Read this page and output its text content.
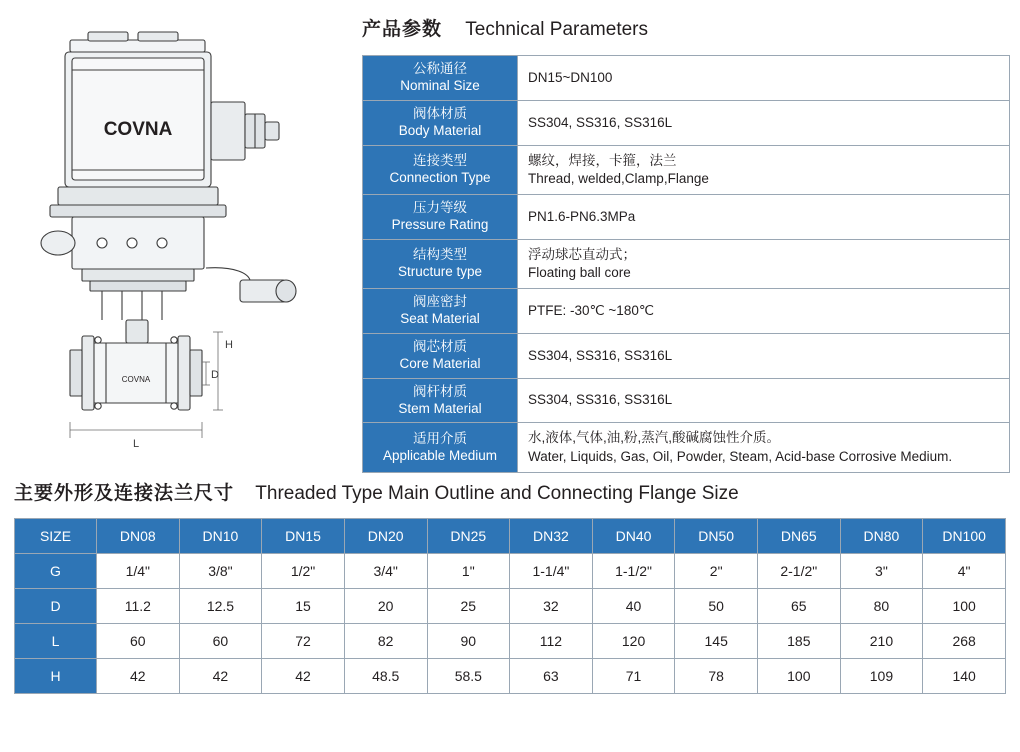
COVNA
COVNA
H
D
L
产品参数 Technical Parameters
公称通径
Nominal Size	DN15~DN100

阀体材质
Body Material	SS304, SS316, SS316L

连接类型
Connection Type	螺纹，焊接，卡箍，法兰
Thread, welded,Clamp,Flange

压力等级
Pressure Rating	PN1.6-PN6.3MPa

结构类型
Structure type	浮动球芯直动式；
Floating ball core

阀座密封
Seat Material	PTFE: -30℃ ~180℃

阀芯材质
Core Material	SS304, SS316, SS316L

阀杆材质
Stem Material	SS304, SS316, SS316L

适用介质
Applicable Medium	水,液体,气体,油,粉,蒸汽,酸碱腐蚀性介质。
Water, Liquids, Gas, Oil, Powder, Steam, Acid-base Corrosive Medium.
主要外形及连接法兰尺寸 Threaded Type Main Outline and Connecting Flange Size
SIZE	DN08	DN10	DN15	DN20	DN25	DN32	DN40	DN50	DN65	DN80	DN100
G	1/4"	3/8"	1/2"	3/4"	1"	1-1/4"	1-1/2"	2"	2-1/2"	3"	4"
D	11.2	12.5	15	20	25	32	40	50	65	80	100
L	60	60	72	82	90	112	120	145	185	210	268
H	42	42	42	48.5	58.5	63	71	78	100	109	140
